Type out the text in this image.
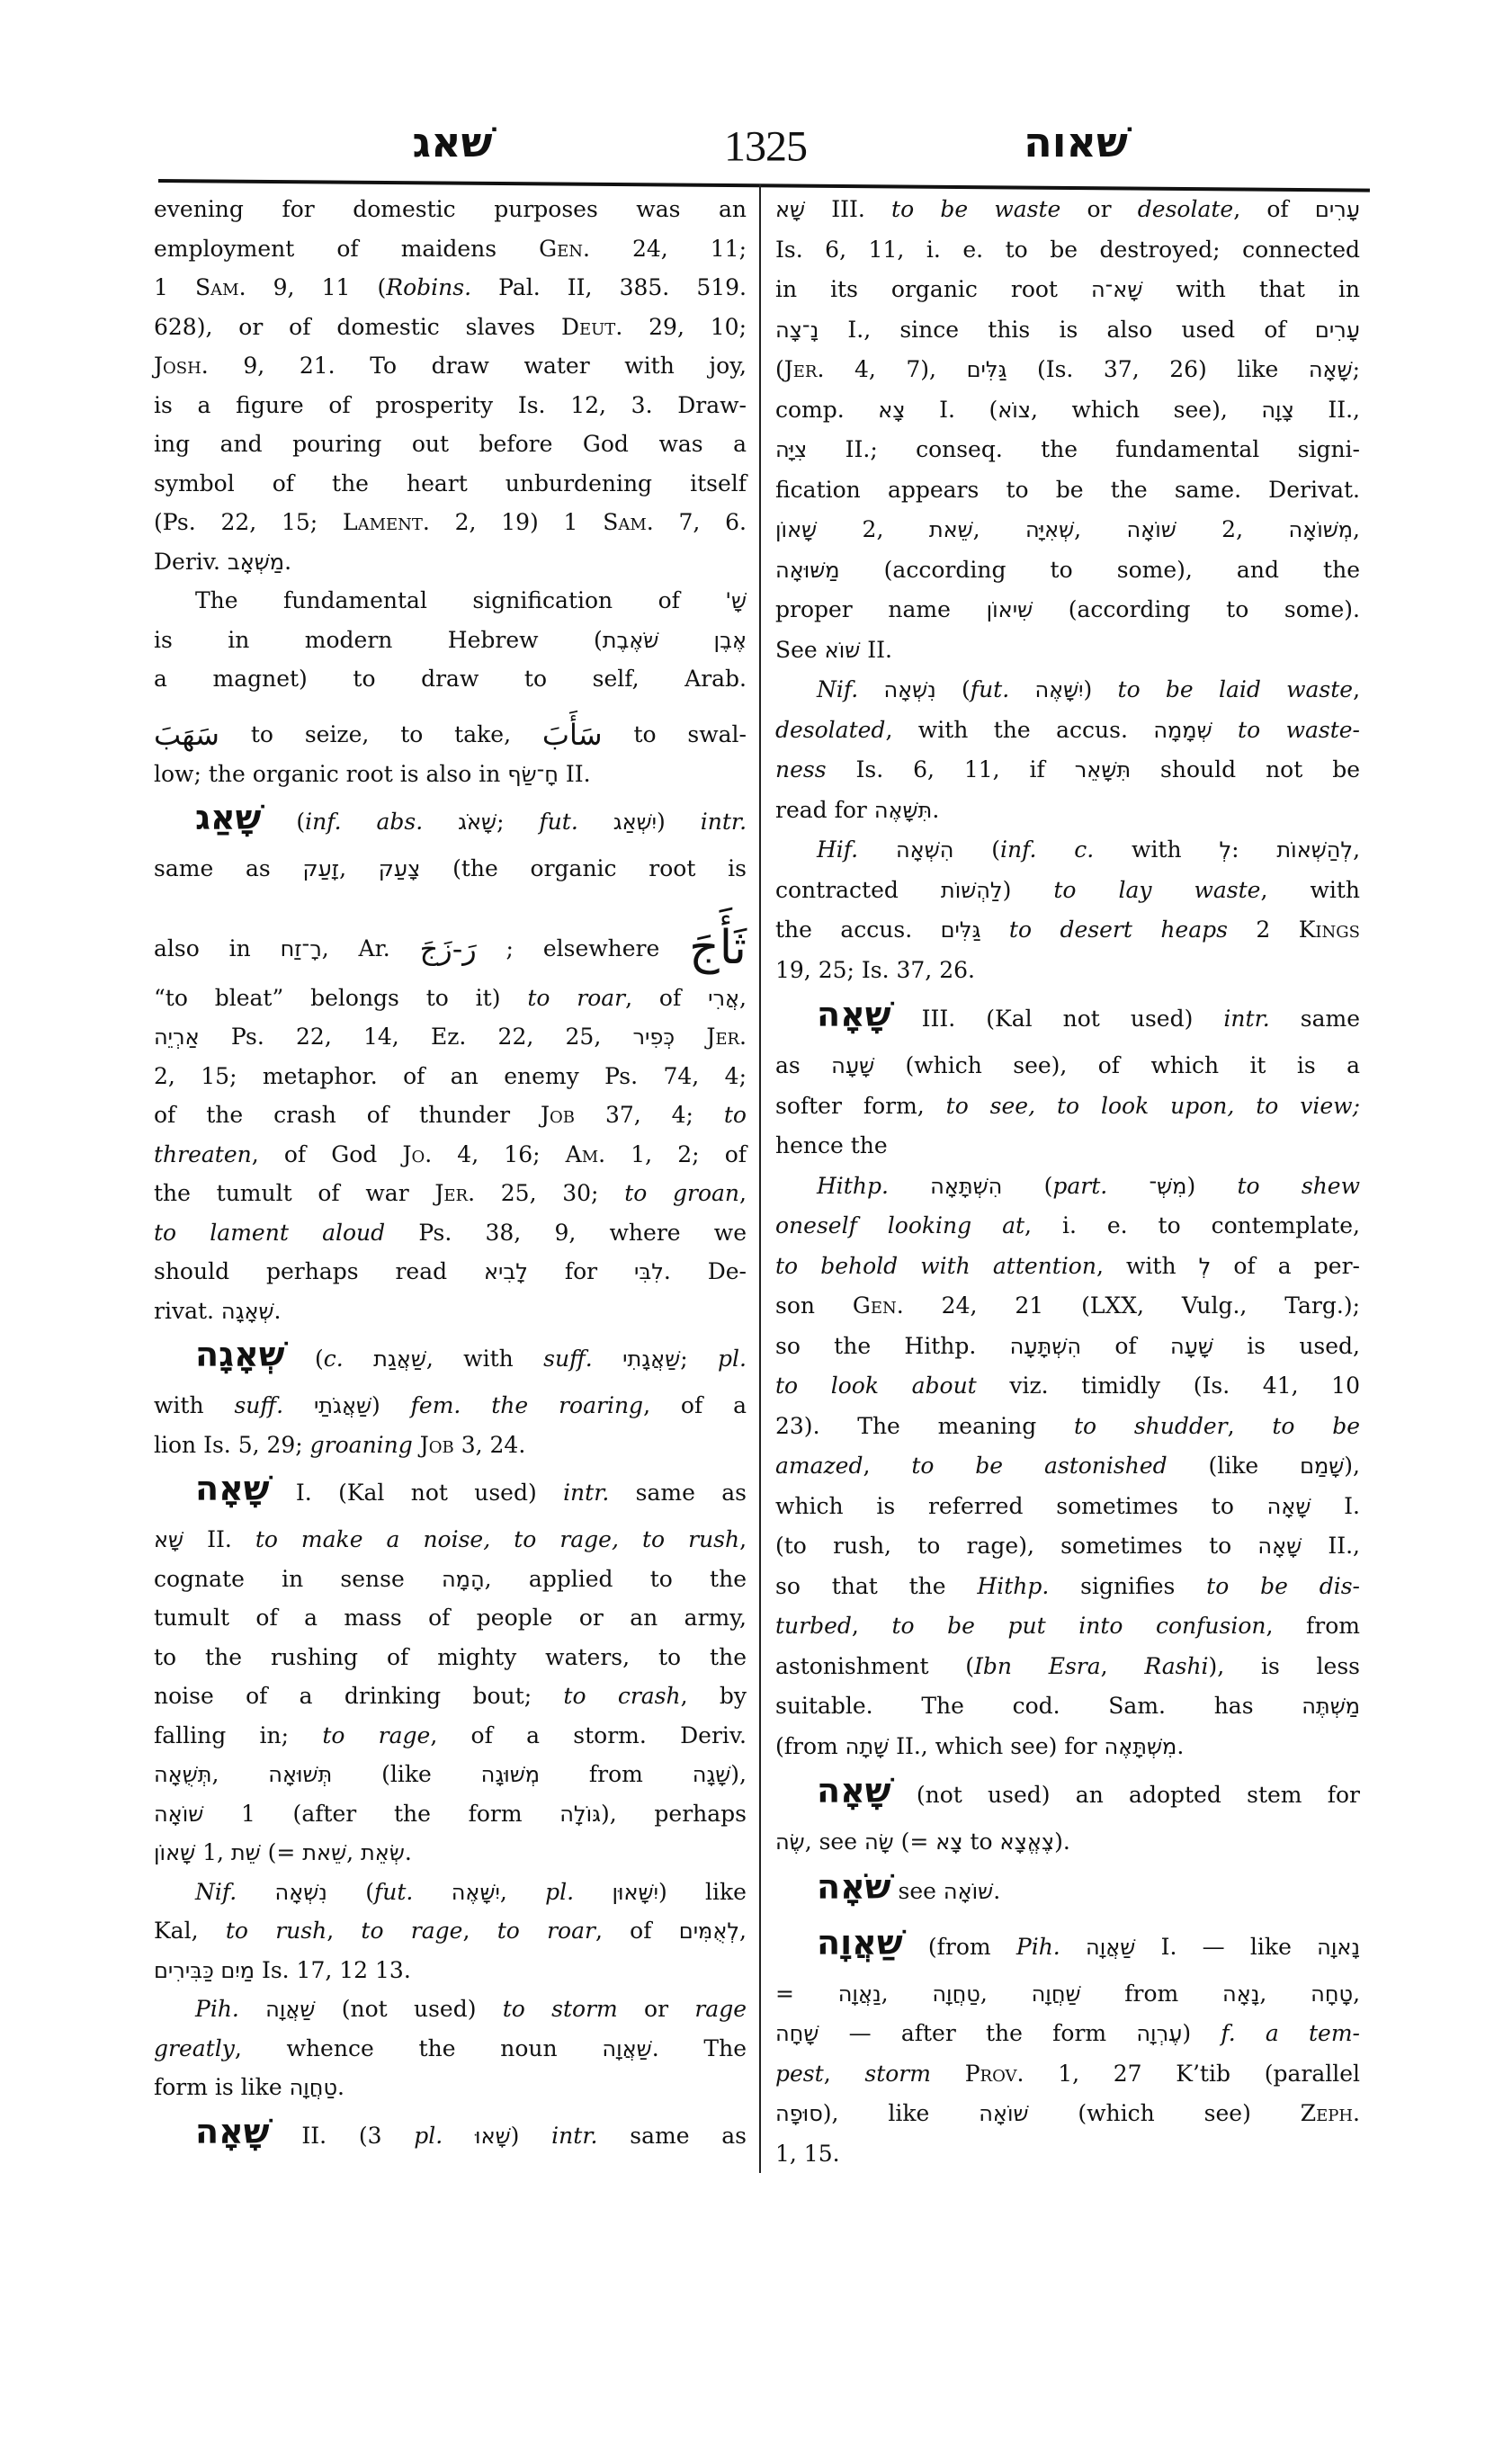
שׁאג	1325	שׁאוה
evening for domestic purposes was an
employment of maidens Gen. 24, 11;
1 Sam. 9, 11 (Robins. Pal. II, 385. 519.
628), or of domestic slaves Deut. 29, 10;
Josh. 9, 21. To draw water with joy,
is a figure of prosperity Is. 12, 3. Draw-
ing and pouring out before God was a
symbol of the heart unburdening itself
(Ps. 22, 15; Lament. 2, 19) 1 Sam. 7, 6.
Deriv. מַשְׁאָב.
The fundamental signification of שָׁ'
is in modern Hebrew (אֶבֶן שֹׁאֶבֶת
a magnet) to draw to self, Arab.
سَهَبَ to seize, to take, سَأَبَ to swal-
low; the organic root is also in חָ־שַׂף II.
שָׁאַג (inf. abs. שָׁאֹג; fut. יִשְׁאַג) intr.
same as זָעַק, צָעַק (the organic root is
also in רָ־זַח, Ar. رَ-زَجَ ; elsewhere ثَأَجَ
“to bleat” belongs to it) to roar, of אֲרִי,
אַרְיֵה Ps. 22, 14, Ez. 22, 25, כְּפִיר Jer.
2, 15; metaphor. of an enemy Ps. 74, 4;
of the crash of thunder Job 37, 4; to
threaten, of God Jo. 4, 16; Am. 1, 2; of
the tumult of war Jer. 25, 30; to groan,
to lament aloud Ps. 38, 9, where we
should perhaps read לָבִיא for לִבִּי. De-
rivat. שְׁאָגָה.
שְׁאָגָה (c. שַׁאֲגַת, with suff. שַׁאֲגָתִי; pl.
with suff. שַׁאֲגֹתַי) fem. the roaring, of a
lion Is. 5, 29; groaning Job 3, 24.
שָׁאָה I. (Kal not used) intr. same as
שָׁא II. to make a noise, to rage, to rush,
cognate in sense הָמָה, applied to the
tumult of a mass of people or an army,
to the rushing of mighty waters, to the
noise of a drinking bout; to crash, by
falling in; to rage, of a storm. Deriv.
תְּשֻׁאָה, תְּשׁוּאָה (like מְשׁוּגָה from שָׁגָה),
שׁוֹאָה 1 (after the form גּוֹלָה), perhaps
שָׁאוֹן 1, שֵׁת (= שֵׁאת, שְׂאֵת.
Nif. נִשְׁאָה (fut. יִשָּׁאֶה, pl. יִשָּׁאוּן) like
Kal, to rush, to rage, to roar, of לְאֻמִּים,
מַיִם כַּבִּירִים Is. 17, 12 13.
Pih. שַׁאֲוָה (not used) to storm or rage
greatly, whence the noun שַׁאֲוָה. The
form is like טַחֲוָה.
שָׁאָה II. (3 pl. שָׁאוּ) intr. same as
שָׁא III. to be waste or desolate, of עָרִים
Is. 6, 11, i. e. to be destroyed; connected
in its organic root שָׁא־ה with that in
נָ־צָה I., since this is also used of עָרִים
(Jer. 4, 7), גַּלִּים (Is. 37, 26) like שָׁאָה;
comp. צָא I. (צוֹא, which see), צָוָה II.,
צִיָּה II.; conseq. the fundamental signi-
fication appears to be the same. Derivat.
שָׁאוֹן 2, שֵׁאת, שְׁאִיָּה, שׁוֹאָה 2, מְשׁוֹאָה,
מַשּׁוּאָה (according to some), and the
proper name שִׁיאוֹן (according to some).
See שׁוֹא II.
Nif. נִשְׁאָה (fut. יִשָּׁאֶה) to be laid waste,
desolated, with the accus. שְׁמָמָה to waste-
ness Is. 6, 11, if תִּשָּׁאֵר should not be
read for תִּשָּׁאֶה.
Hif. הִשְׁאָה (inf. c. with לְ: לְהַשְׁאוֹת,
contracted לַהְשׁוֹת) to lay waste, with
the accus. גַּלִּים to desert heaps 2 Kings
19, 25; Is. 37, 26.
שָׁאָה III. (Kal not used) intr. same
as שָׁעָה (which see), of which it is a
softer form, to see, to look upon, to view;
hence the
Hithp. הִשְׁתָּאָה (part. מִשְׁ־) to shew
oneself looking at, i. e. to contemplate,
to behold with attention, with לְ of a per-
son Gen. 24, 21 (LXX, Vulg., Targ.);
so the Hithp. הִשְׁתָּעָה of שָׁעָה is used,
to look about viz. timidly (Is. 41, 10
23). The meaning to shudder, to be
amazed, to be astonished (like שָׁמַם),
which is referred sometimes to שָׁאָה I.
(to rush, to rage), sometimes to שָׁאָה II.,
so that the Hithp. signifies to be dis-
turbed, to be put into confusion, from
astonishment (Ibn Esra, Rashi), is less
suitable. The cod. Sam. has מַשְׁתֶּה
(from שָׁתָה II., which see) for מִשְׁתָּאֶה.
שָׁאָה (not used) an adopted stem for
שֶׂה, see שָׂה (= צָא to צֶאֱצָא).
שֹׁאָה see שׁוֹאָה.
שַׁאֲוָה (from Pih. שַׁאֲוָה I. — like נָאוָה
= נַאֲוָה, טַחֲוָה, שַׁחֲוָה from נָאָה, טָחָה,
שָׁחָה — after the form עֶרְוָה) f. a tem-
pest, storm Prov. 1, 27 K’tib (parallel
סוּפָה), like שׁוֹאָה (which see) Zeph.
1, 15.
